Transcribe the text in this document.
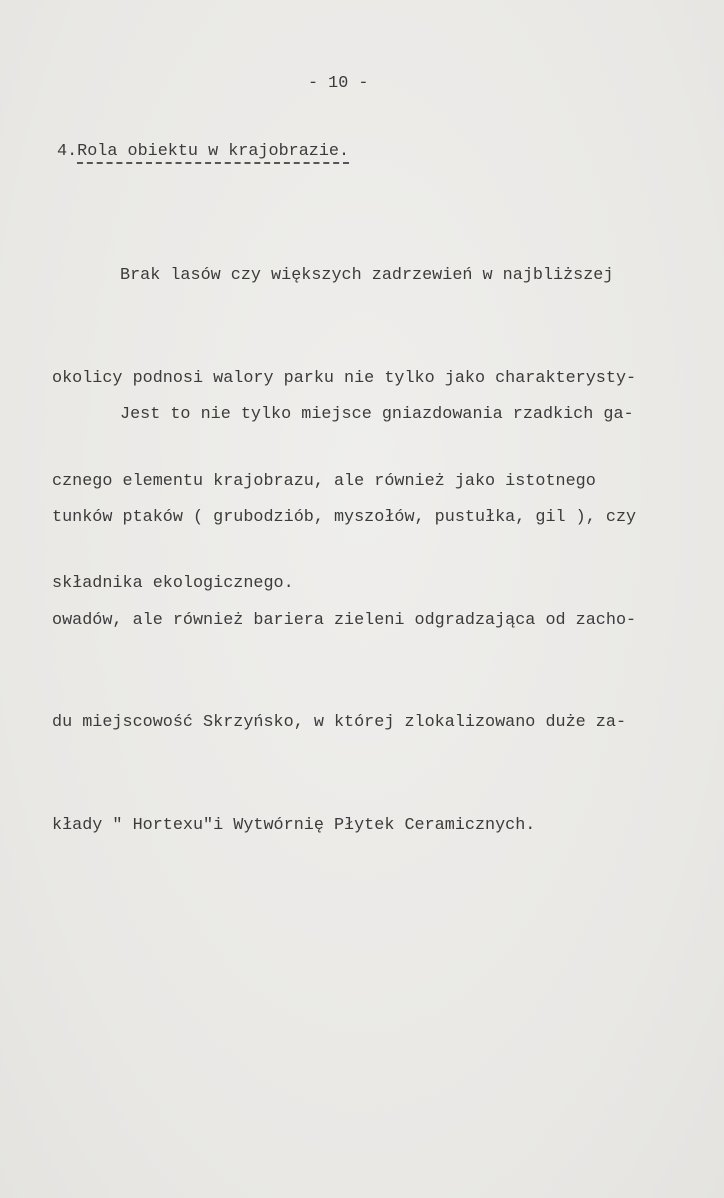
- 10 -
4.Rola obiektu w krajobrazie.

Brak lasów czy większych zadrzewień w najbliższej

okolicy podnosi walory parku nie tylko jako charakterysty-

cznego elementu krajobrazu, ale również jako istotnego

składnika ekologicznego.

Jest to nie tylko miejsce gniazdowania rzadkich ga-

tunków ptaków ( grubodziób, myszołów, pustułka, gil ), czy

owadów, ale również bariera zieleni odgradzająca od zacho-

du miejscowość Skrzyńsko, w której zlokalizowano duże za-

kłady " Hortexu"i Wytwórnię Płytek Ceramicznych.
